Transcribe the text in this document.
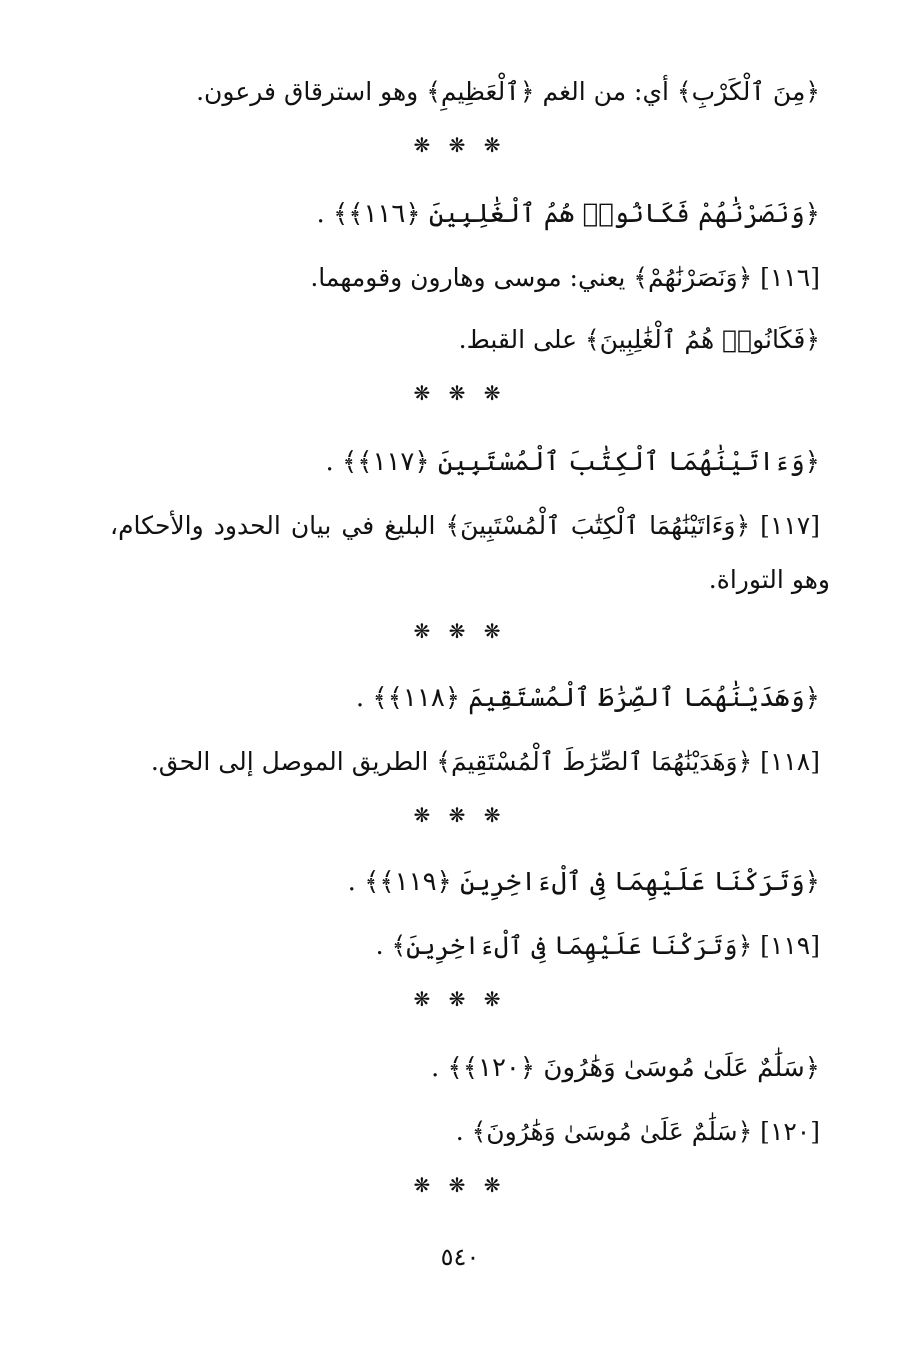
﴿مِنَ ٱلْكَرْبِ﴾ أي: من الغم ﴿ٱلْعَظِيمِ﴾ وهو استرقاق فرعون.
❋ ❋ ❋
﴿وَنَصَرْنَٰهُمْ فَكَانُوا۟ هُمُ ٱلْغَٰلِبِينَ ﴿١١٦﴾﴾ .
[١١٦] ﴿وَنَصَرْنَٰهُمْ﴾ يعني: موسى وهارون وقومهما.
﴿فَكَانُوا۟ هُمُ ٱلْغَٰلِبِينَ﴾ على القبط.
❋ ❋ ❋
﴿وَءَاتَيْنَٰهُمَا ٱلْكِتَٰبَ ٱلْمُسْتَبِينَ ﴿١١٧﴾﴾ .
[١١٧] ﴿وَءَاتَيْنَٰهُمَا ٱلْكِتَٰبَ ٱلْمُسْتَبِينَ﴾ البليغ في بيان الحدود والأحكام،
وهو التوراة.
❋ ❋ ❋
﴿وَهَدَيْنَٰهُمَا ٱلصِّرَٰطَ ٱلْمُسْتَقِيمَ ﴿١١٨﴾﴾ .
[١١٨] ﴿وَهَدَيْنَٰهُمَا ٱلصِّرَٰطَ ٱلْمُسْتَقِيمَ﴾ الطريق الموصل إلى الحق.
❋ ❋ ❋
﴿وَتَرَكْنَا عَلَيْهِمَا فِى ٱلْءَاخِرِينَ ﴿١١٩﴾﴾ .
[١١٩] ﴿وَتَرَكْنَا عَلَيْهِمَا فِى ٱلْءَاخِرِينَ﴾ .
❋ ❋ ❋
﴿سَلَٰمٌ عَلَىٰ مُوسَىٰ وَهَٰرُونَ ﴿١٢٠﴾﴾ .
[١٢٠] ﴿سَلَٰمٌ عَلَىٰ مُوسَىٰ وَهَٰرُونَ﴾ .
❋ ❋ ❋
٥٤٠
